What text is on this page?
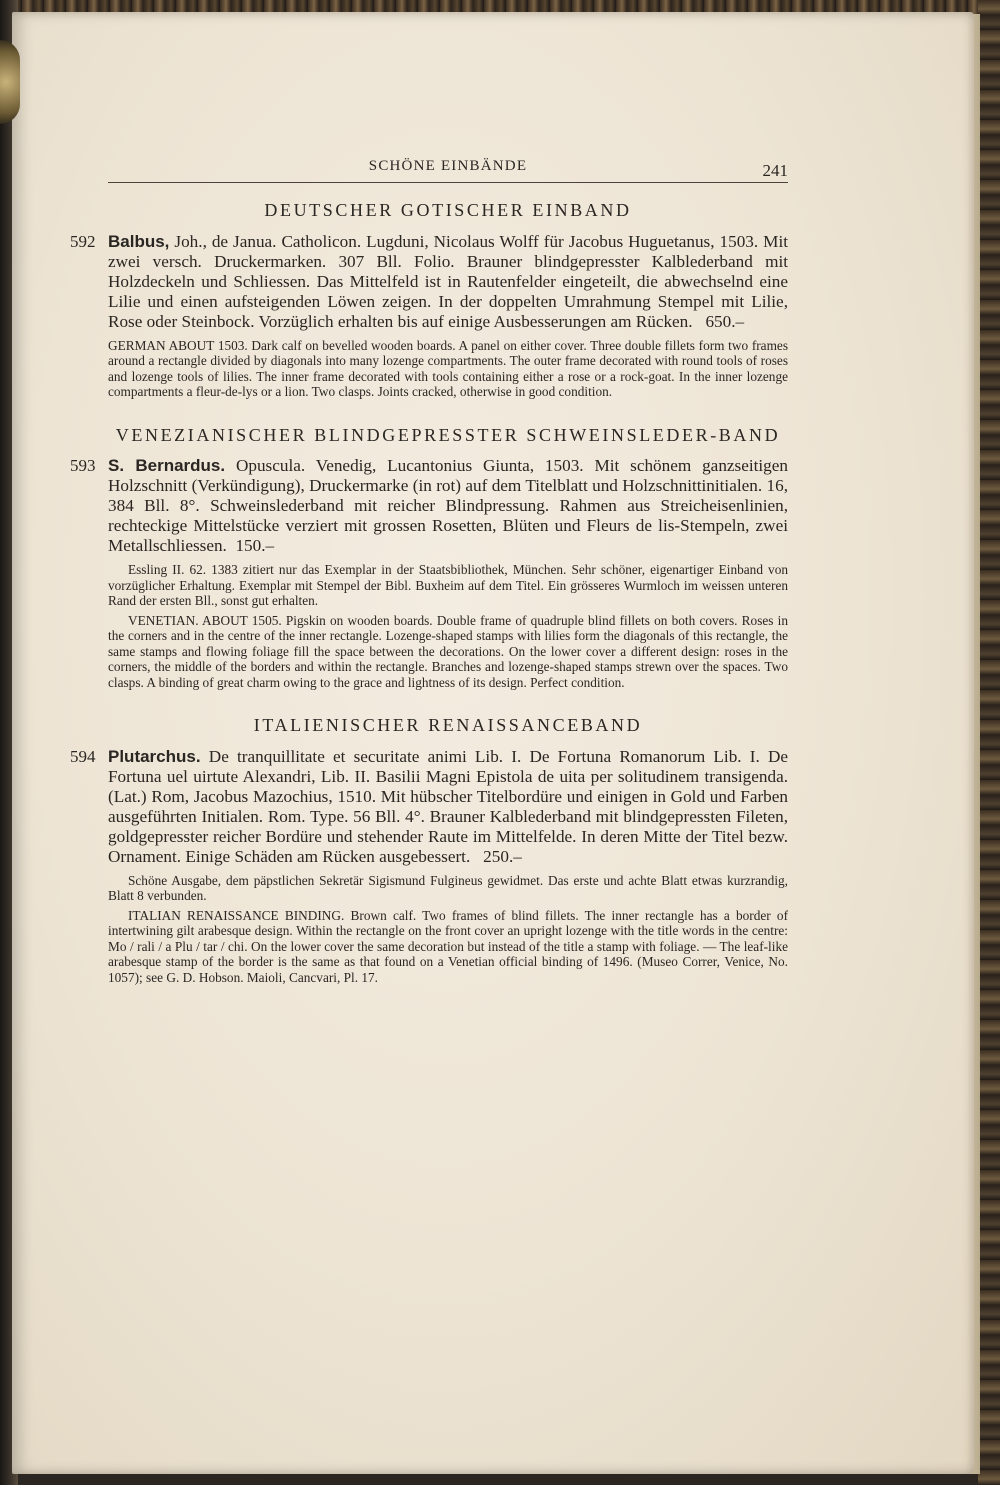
SCHÖNE EINBÄNDE	241
DEUTSCHER GOTISCHER EINBAND
592 Balbus, Joh., de Janua. Catholicon. Lugduni, Nicolaus Wolff für Jacobus Huguetanus, 1503. Mit zwei versch. Druckermarken. 307 Bll. Folio. Brauner blindgepresster Kalblederband mit Holzdeckeln und Schliessen. Das Mittelfeld ist in Rautenfelder eingeteilt, die abwechselnd eine Lilie und einen aufsteigenden Löwen zeigen. In der doppelten Umrahmung Stempel mit Lilie, Rose oder Steinbock. Vorzüglich erhalten bis auf einige Ausbesserungen am Rücken. 650.–

GERMAN ABOUT 1503. Dark calf on bevelled wooden boards. A panel on either cover. Three double fillets form two frames around a rectangle divided by diagonals into many lozenge compartments. The outer frame decorated with round tools of roses and lozenge tools of lilies. The inner frame decorated with tools containing either a rose or a rock-goat. In the inner lozenge compartments a fleur-de-lys or a lion. Two clasps. Joints cracked, otherwise in good condition.

VENEZIANISCHER BLINDGEPRESSTER SCHWEINSLEDER-BAND
593 S. Bernardus. Opuscula. Venedig, Lucantonius Giunta, 1503. Mit schönem ganzseitigen Holzschnitt (Verkündigung), Druckermarke (in rot) auf dem Titelblatt und Holzschnittinitialen. 16, 384 Bll. 8°. Schweinslederband mit reicher Blindpressung. Rahmen aus Streicheisenlinien, rechteckige Mittelstücke verziert mit grossen Rosetten, Blüten und Fleurs de lis-Stempeln, zwei Metallschliessen. 150.–

Essling II. 62. 1383 zitiert nur das Exemplar in der Staatsbibliothek, München. Sehr schöner, eigenartiger Einband von vorzüglicher Erhaltung. Exemplar mit Stempel der Bibl. Buxheim auf dem Titel. Ein grösseres Wurmloch im weissen unteren Rand der ersten Bll., sonst gut erhalten.

VENETIAN. ABOUT 1505. Pigskin on wooden boards. Double frame of quadruple blind fillets on both covers. Roses in the corners and in the centre of the inner rectangle. Lozenge-shaped stamps with lilies form the diagonals of this rectangle, the same stamps and flowing foliage fill the space between the decorations. On the lower cover a different design: roses in the corners, the middle of the borders and within the rectangle. Branches and lozenge-shaped stamps strewn over the spaces. Two clasps. A binding of great charm owing to the grace and lightness of its design. Perfect condition.

ITALIENISCHER RENAISSANCEBAND
594 Plutarchus. De tranquillitate et securitate animi Lib. I. De Fortuna Romanorum Lib. I. De Fortuna uel uirtute Alexandri, Lib. II. Basilii Magni Epistola de uita per solitudinem transigenda. (Lat.) Rom, Jacobus Mazochius, 1510. Mit hübscher Titelbordüre und einigen in Gold und Farben ausgeführten Initialen. Rom. Type. 56 Bll. 4°. Brauner Kalblederband mit blindgepressten Fileten, goldgepresster reicher Bordüre und stehender Raute im Mittelfelde. In deren Mitte der Titel bezw. Ornament. Einige Schäden am Rücken ausgebessert. 250.–

Schöne Ausgabe, dem päpstlichen Sekretär Sigismund Fulgineus gewidmet. Das erste und achte Blatt etwas kurzrandig, Blatt 8 verbunden.

ITALIAN RENAISSANCE BINDING. Brown calf. Two frames of blind fillets. The inner rectangle has a border of intertwining gilt arabesque design. Within the rectangle on the front cover an upright lozenge with the title words in the centre: Mo / rali / a Plu / tar / chi. On the lower cover the same decoration but instead of the title a stamp with foliage. — The leaf-like arabesque stamp of the border is the same as that found on a Venetian official binding of 1496. (Museo Correr, Venice, No. 1057); see G. D. Hobson. Maioli, Cancvari, Pl. 17.
